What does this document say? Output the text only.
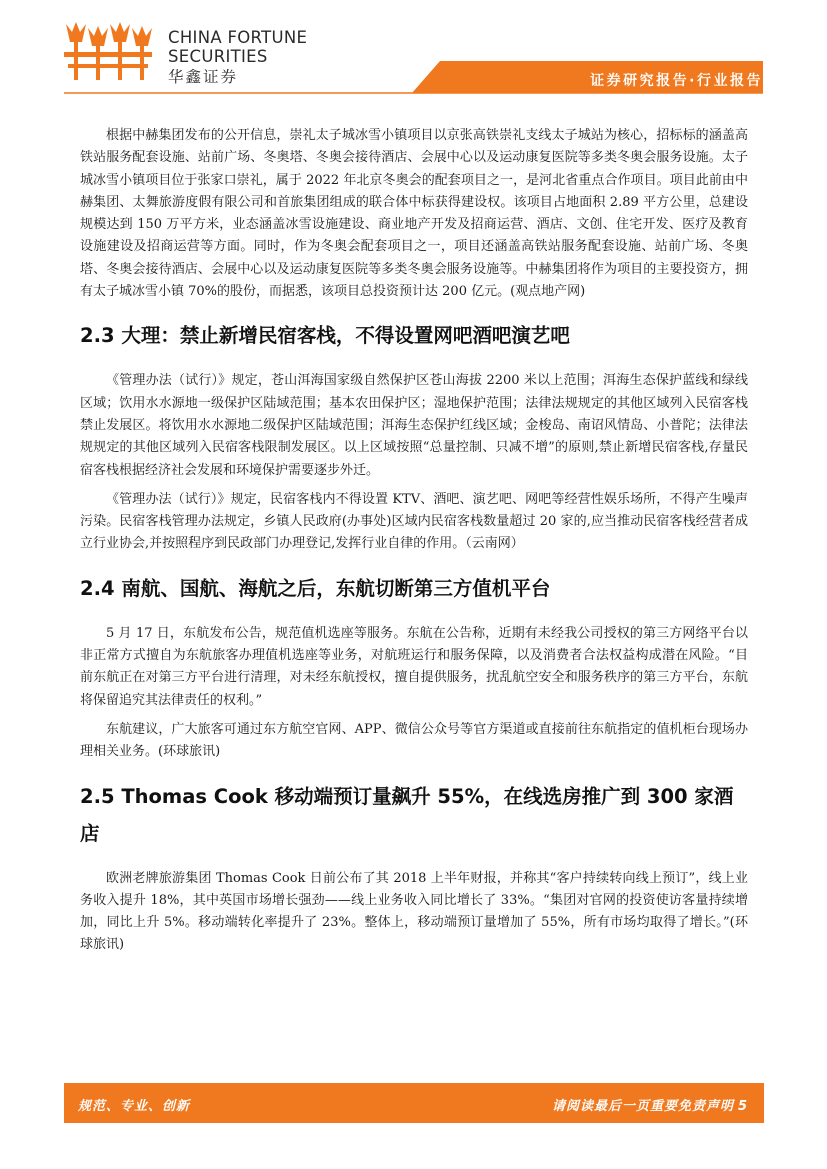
CHINA FORTUNE
SECURITIES
华鑫证券	证券研究报告·行业报告

根据中赫集团发布的公开信息，崇礼太子城冰雪小镇项目以京张高铁崇礼支线太子城站为核心，招标标的涵盖高铁站服务配套设施、站前广场、冬奥塔、冬奥会接待酒店、会展中心以及运动康复医院等多类冬奥会服务设施。太子城冰雪小镇项目位于张家口崇礼，属于 2022 年北京冬奥会的配套项目之一，是河北省重点合作项目。项目此前由中赫集团、太舞旅游度假有限公司和首旅集团组成的联合体中标获得建设权。该项目占地面积 2.89 平方公里，总建设规模达到 150 万平方米，业态涵盖冰雪设施建设、商业地产开发及招商运营、酒店、文创、住宅开发、医疗及教育设施建设及招商运营等方面。同时，作为冬奥会配套项目之一，项目还涵盖高铁站服务配套设施、站前广场、冬奥塔、冬奥会接待酒店、会展中心以及运动康复医院等多类冬奥会服务设施等。中赫集团将作为项目的主要投资方，拥有太子城冰雪小镇 70%的股份，而据悉，该项目总投资预计达 200 亿元。(观点地产网)

2.3 大理：禁止新增民宿客栈，不得设置网吧酒吧演艺吧

《管理办法（试行）》规定，苍山洱海国家级自然保护区苍山海拔 2200 米以上范围；洱海生态保护蓝线和绿线区域；饮用水水源地一级保护区陆域范围；基本农田保护区；湿地保护范围；法律法规规定的其他区域列入民宿客栈禁止发展区。将饮用水水源地二级保护区陆域范围；洱海生态保护红线区域；金梭岛、南诏风情岛、小普陀；法律法规规定的其他区域列入民宿客栈限制发展区。以上区域按照“总量控制、只减不增”的原则,禁止新增民宿客栈,存量民宿客栈根据经济社会发展和环境保护需要逐步外迁。

《管理办法（试行）》规定，民宿客栈内不得设置 KTV、酒吧、演艺吧、网吧等经营性娱乐场所，不得产生噪声污染。民宿客栈管理办法规定，乡镇人民政府(办事处)区域内民宿客栈数量超过 20 家的,应当推动民宿客栈经营者成立行业协会,并按照程序到民政部门办理登记,发挥行业自律的作用。（云南网）

2.4 南航、国航、海航之后，东航切断第三方值机平台

5 月 17 日，东航发布公告，规范值机选座等服务。东航在公告称，近期有未经我公司授权的第三方网络平台以非正常方式擅自为东航旅客办理值机选座等业务，对航班运行和服务保障，以及消费者合法权益构成潜在风险。“目前东航正在对第三方平台进行清理，对未经东航授权，擅自提供服务，扰乱航空安全和服务秩序的第三方平台，东航将保留追究其法律责任的权利。”

东航建议，广大旅客可通过东方航空官网、APP、微信公众号等官方渠道或直接前往东航指定的值机柜台现场办理相关业务。(环球旅讯)

2.5 Thomas Cook 移动端预订量飙升 55%，在线选房推广到 300 家酒店

欧洲老牌旅游集团 Thomas Cook 日前公布了其 2018 上半年财报，并称其“客户持续转向线上预订”，线上业务收入提升 18%，其中英国市场增长强劲——线上业务收入同比增长了 33%。“集团对官网的投资使访客量持续增加，同比上升 5%。移动端转化率提升了 23%。整体上，移动端预订量增加了 55%，所有市场均取得了增长。”(环球旅讯)

规范、专业、创新	请阅读最后一页重要免责声明 5
